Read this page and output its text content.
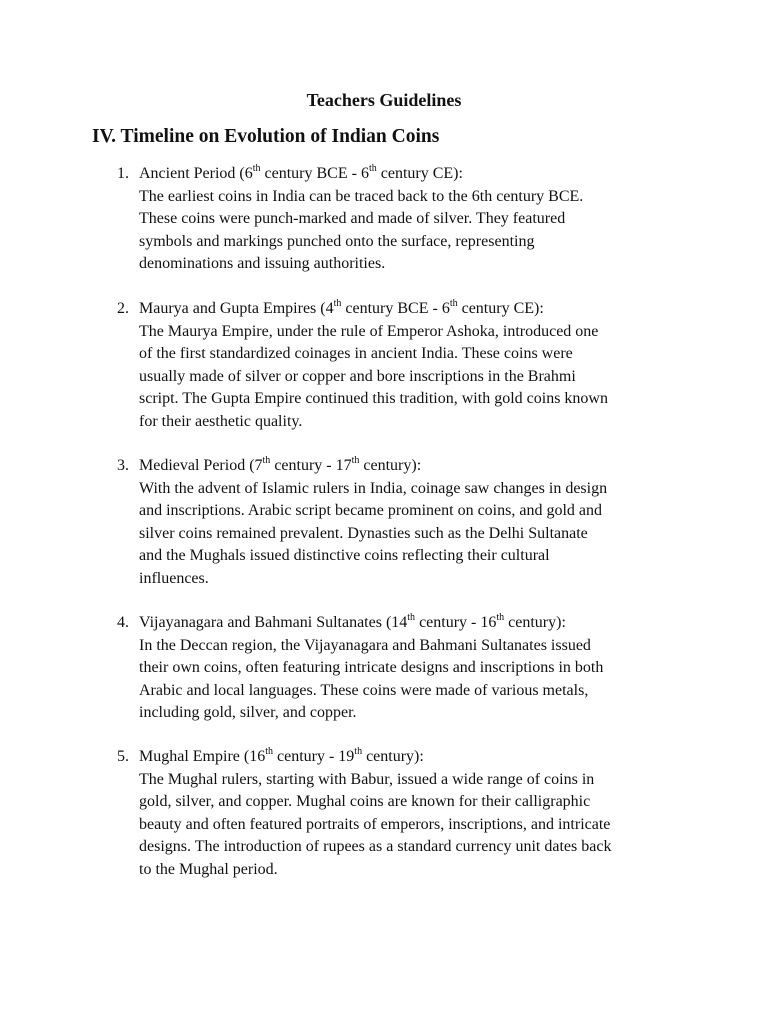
Teachers Guidelines
IV. Timeline on Evolution of Indian Coins
1. Ancient Period (6th century BCE - 6th century CE):
The earliest coins in India can be traced back to the 6th century BCE.
These coins were punch-marked and made of silver. They featured
symbols and markings punched onto the surface, representing
denominations and issuing authorities.
2. Maurya and Gupta Empires (4th century BCE - 6th century CE):
The Maurya Empire, under the rule of Emperor Ashoka, introduced one
of the first standardized coinages in ancient India. These coins were
usually made of silver or copper and bore inscriptions in the Brahmi
script. The Gupta Empire continued this tradition, with gold coins known
for their aesthetic quality.
3. Medieval Period (7th century - 17th century):
With the advent of Islamic rulers in India, coinage saw changes in design
and inscriptions. Arabic script became prominent on coins, and gold and
silver coins remained prevalent. Dynasties such as the Delhi Sultanate
and the Mughals issued distinctive coins reflecting their cultural
influences.
4. Vijayanagara and Bahmani Sultanates (14th century - 16th century):
In the Deccan region, the Vijayanagara and Bahmani Sultanates issued
their own coins, often featuring intricate designs and inscriptions in both
Arabic and local languages. These coins were made of various metals,
including gold, silver, and copper.
5. Mughal Empire (16th century - 19th century):
The Mughal rulers, starting with Babur, issued a wide range of coins in
gold, silver, and copper. Mughal coins are known for their calligraphic
beauty and often featured portraits of emperors, inscriptions, and intricate
designs. The introduction of rupees as a standard currency unit dates back
to the Mughal period.
